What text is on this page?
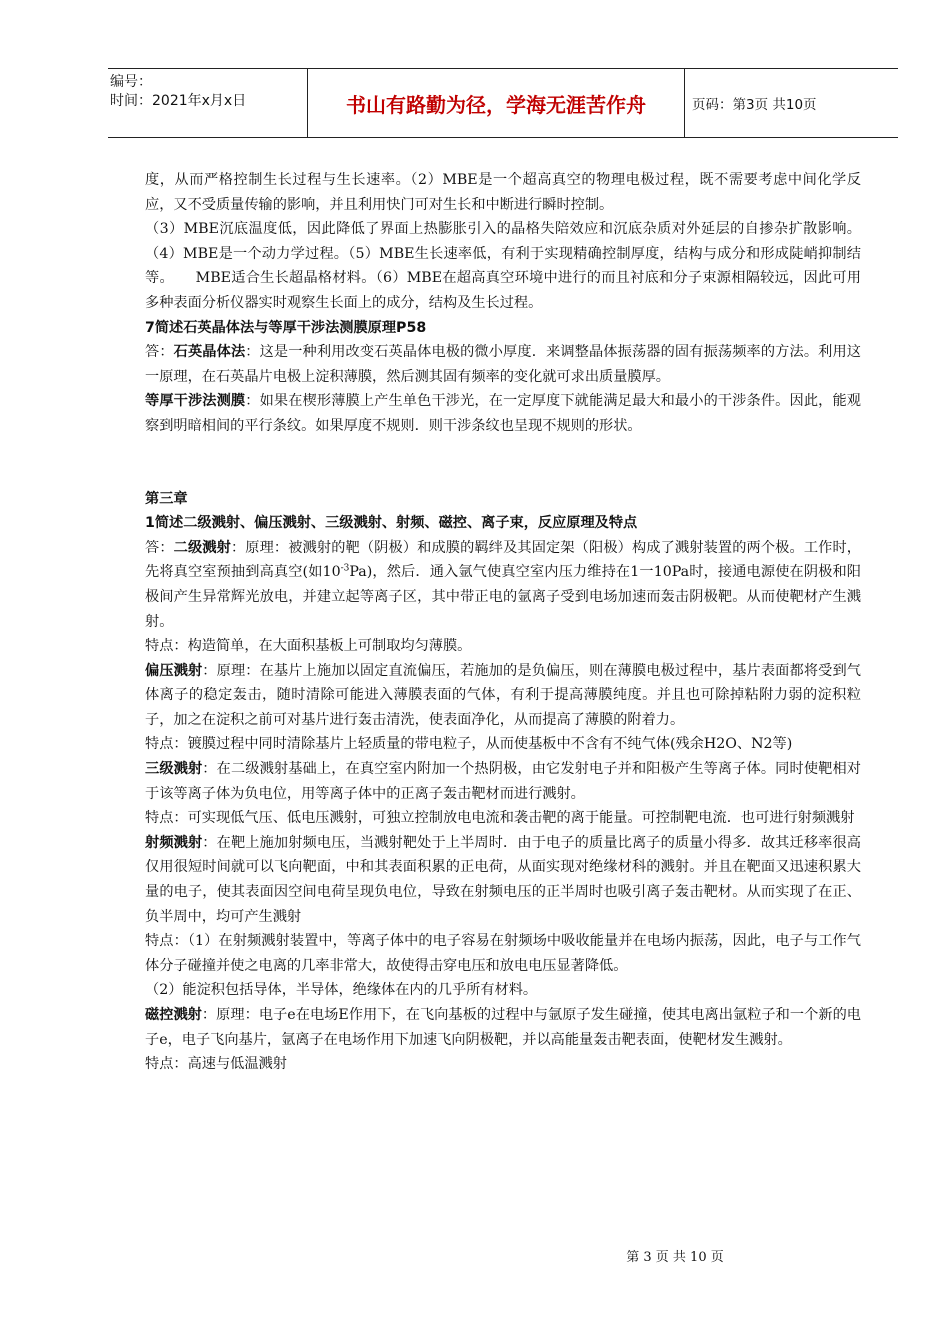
编号：
时间：2021年x月x日	书山有路勤为径，学海无涯苦作舟	页码：第3页 共10页

度，从而严格控制生长过程与生长速率。（2）MBE是一个超高真空的物理电极过程，既不需要考虑中间化学反应，又不受质量传输的影响，并且利用快门可对生长和中断进行瞬时控制。

（3）MBE沉底温度低，因此降低了界面上热膨胀引入的晶格失陪效应和沉底杂质对外延层的自掺杂扩散影响。（4）MBE是一个动力学过程。（5）MBE生长速率低，有利于实现精确控制厚度，结构与成分和形成陡峭抑制结等。　　MBE适合生长超晶格材料。（6）MBE在超高真空环境中进行的而且衬底和分子束源相隔较远，因此可用多种表面分析仪器实时观察生长面上的成分，结构及生长过程。

7简述石英晶体法与等厚干涉法测膜原理P58

答：石英晶体法：这是一种利用改变石英晶体电极的微小厚度．来调整晶体振荡器的固有振荡频率的方法。利用这一原理，在石英晶片电极上淀积薄膜，然后测其固有频率的变化就可求出质量膜厚。

等厚干涉法测膜：如果在楔形薄膜上产生单色干涉光，在一定厚度下就能满足最大和最小的干涉条件。因此，能观察到明暗相间的平行条纹。如果厚度不规则．则干涉条纹也呈现不规则的形状。

第三章

1简述二级溅射、偏压溅射、三级溅射、射频、磁控、离子束，反应原理及特点

答：二级溅射：原理：被溅射的靶（阴极）和成膜的羁绊及其固定架（阳极）构成了溅射装置的两个极。工作时，先将真空室预抽到高真空(如$10^{-3}Pa$)，然后．通入氩气使真空室内压力维持在1一10Pa时，接通电源使在阴极和阳极间产生异常辉光放电，并建立起等离子区，其中带正电的氩离子受到电场加速而轰击阴极靶。从而使靶材产生溅射。

特点：构造简单，在大面积基板上可制取均匀薄膜。

偏压溅射：原理：在基片上施加以固定直流偏压，若施加的是负偏压，则在薄膜电极过程中，基片表面都将受到气体离子的稳定轰击，随时清除可能进入薄膜表面的气体，有利于提高薄膜纯度。并且也可除掉粘附力弱的淀积粒子，加之在淀积之前可对基片进行轰击清洗，使表面净化，从而提高了薄膜的附着力。

特点：镀膜过程中同时清除基片上轻质量的带电粒子，从而使基板中不含有不纯气体(残余H2O、N2等)

三级溅射：在二级溅射基础上，在真空室内附加一个热阴极，由它发射电子并和阳极产生等离子体。同时使靶相对于该等离子体为负电位，用等离子体中的正离子轰击靶材而进行溅射。

特点：可实现低气压、低电压溅射，可独立控制放电电流和袭击靶的离于能量。可控制靶电流．也可进行射频溅射

射频溅射：在靶上施加射频电压，当溅射靶处于上半周时．由于电子的质量比离子的质量小得多．故其迁移率很高仅用很短时间就可以飞向靶面，中和其表面积累的正电荷，从面实现对绝缘材科的溅射。并且在靶面又迅速积累大量的电子，使其表面因空间电荷呈现负电位，导致在射频电压的正半周时也吸引离子轰击靶材。从而实现了在正、负半周中，均可产生溅射

特点：（1）在射频溅射装置中，等离子体中的电子容易在射频场中吸收能量并在电场内振荡，因此，电子与工作气体分子碰撞并使之电离的几率非常大，故使得击穿电压和放电电压显著降低。

（2）能淀积包括导体，半导体，绝缘体在内的几乎所有材料。

磁控溅射：原理：电子e在电场E作用下，在飞向基板的过程中与氩原子发生碰撞，使其电离出氩粒子和一个新的电子e，电子飞向基片，氩离子在电场作用下加速飞向阴极靶，并以高能量轰击靶表面，使靶材发生溅射。

特点：高速与低温溅射

第 3 页 共 10 页
